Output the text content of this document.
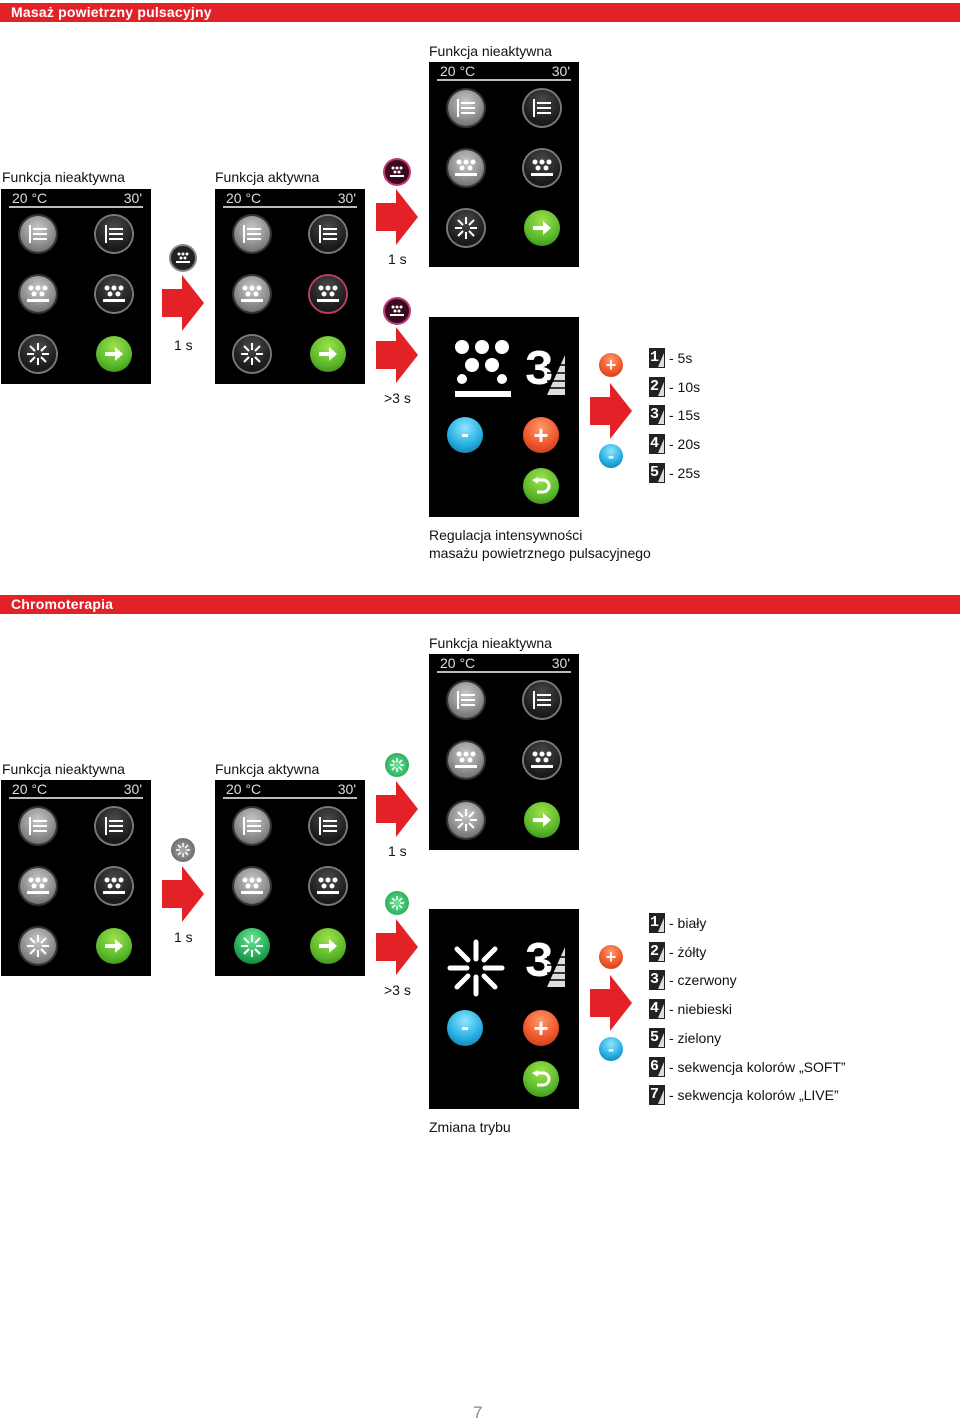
Masaż powietrzny pulsacyjny
Funkcja nieaktywna
Funkcja nieaktywna	Funkcja aktywna
20 °C	30'
20 °C	30'	20 °C	30'
1 s
1 s
>3 s 3
- +
+
-
1 - 5s
2 - 10s
3 - 15s
4 - 20s
5 - 25s
Regulacja intensywności
masażu powietrznego pulsacyjnego
Chromoterapia
Funkcja nieaktywna
Funkcja nieaktywna	Funkcja aktywna
20 °C	30'
20 °C	30'	20 °C	30'
1 s
1 s
>3 s 3
- +
+
-
1 - biały
2 - żółty
3 - czerwony
4 - niebieski
5 - zielony
6 - sekwencja kolorów „SOFT”
7 - sekwencja kolorów „LIVE”
Zmiana trybu
7
